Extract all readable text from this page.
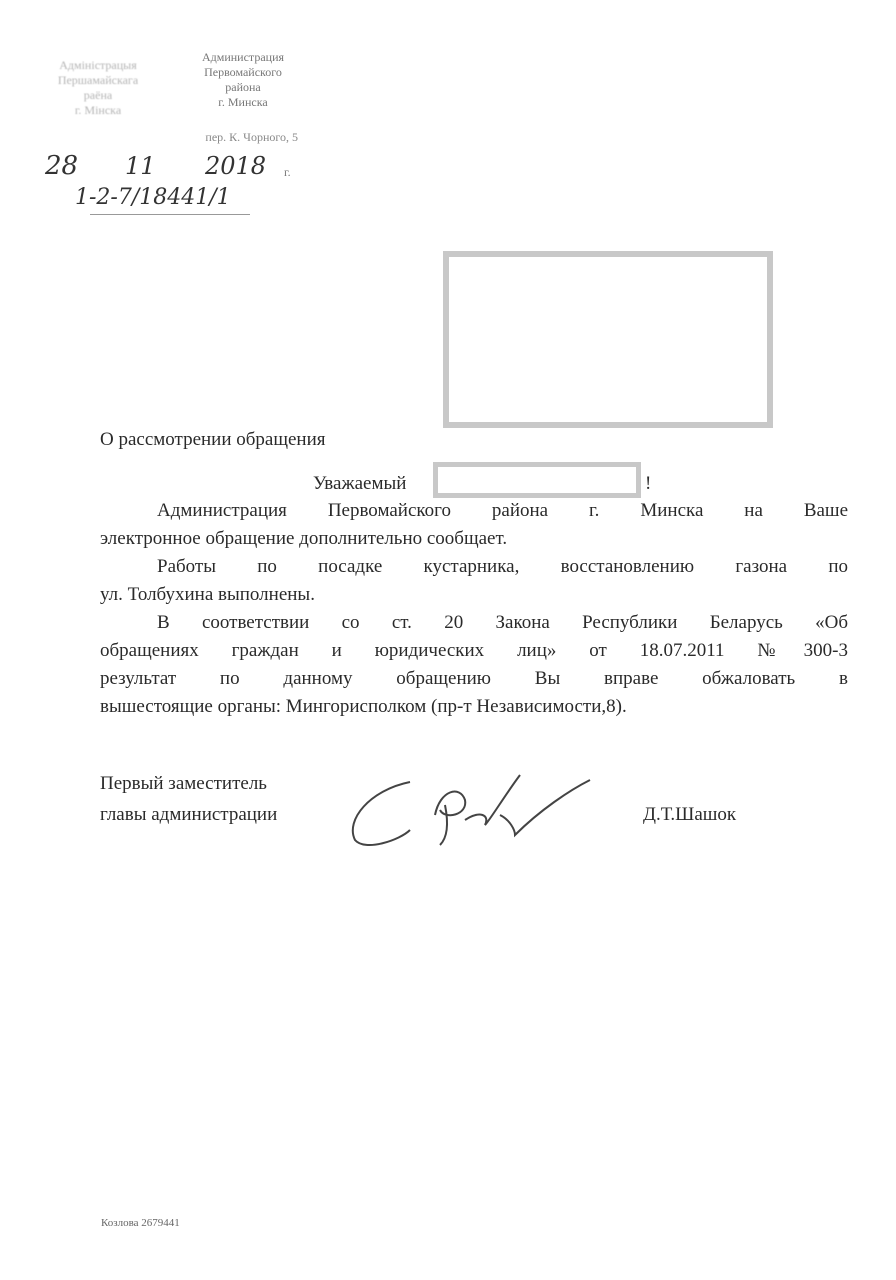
Адміністрацыя
Першамайскага
раёна
г. Мінска
Администрация
Первомайского
района
г. Минска
пер. К. Чорного, 5
28 11 2018 г.
1-2-7/18441/1
О рассмотрении обращения
Уважаемый	!
Администрация Первомайского района г. Минска на Ваше
электронное обращение дополнительно сообщает.
Работы по посадке кустарника, восстановлению газона по
ул. Толбухина выполнены.
В соответствии со ст. 20 Закона Республики Беларусь «Об
обращениях граждан и юридических лиц» от 18.07.2011 №300-3
результат по данному обращению Вы вправе обжаловать в
вышестоящие органы: Мингорисполком (пр-т Независимости,8).
Первый заместитель
главы администрации	Д.Т.Шашок
Козлова 2679441
